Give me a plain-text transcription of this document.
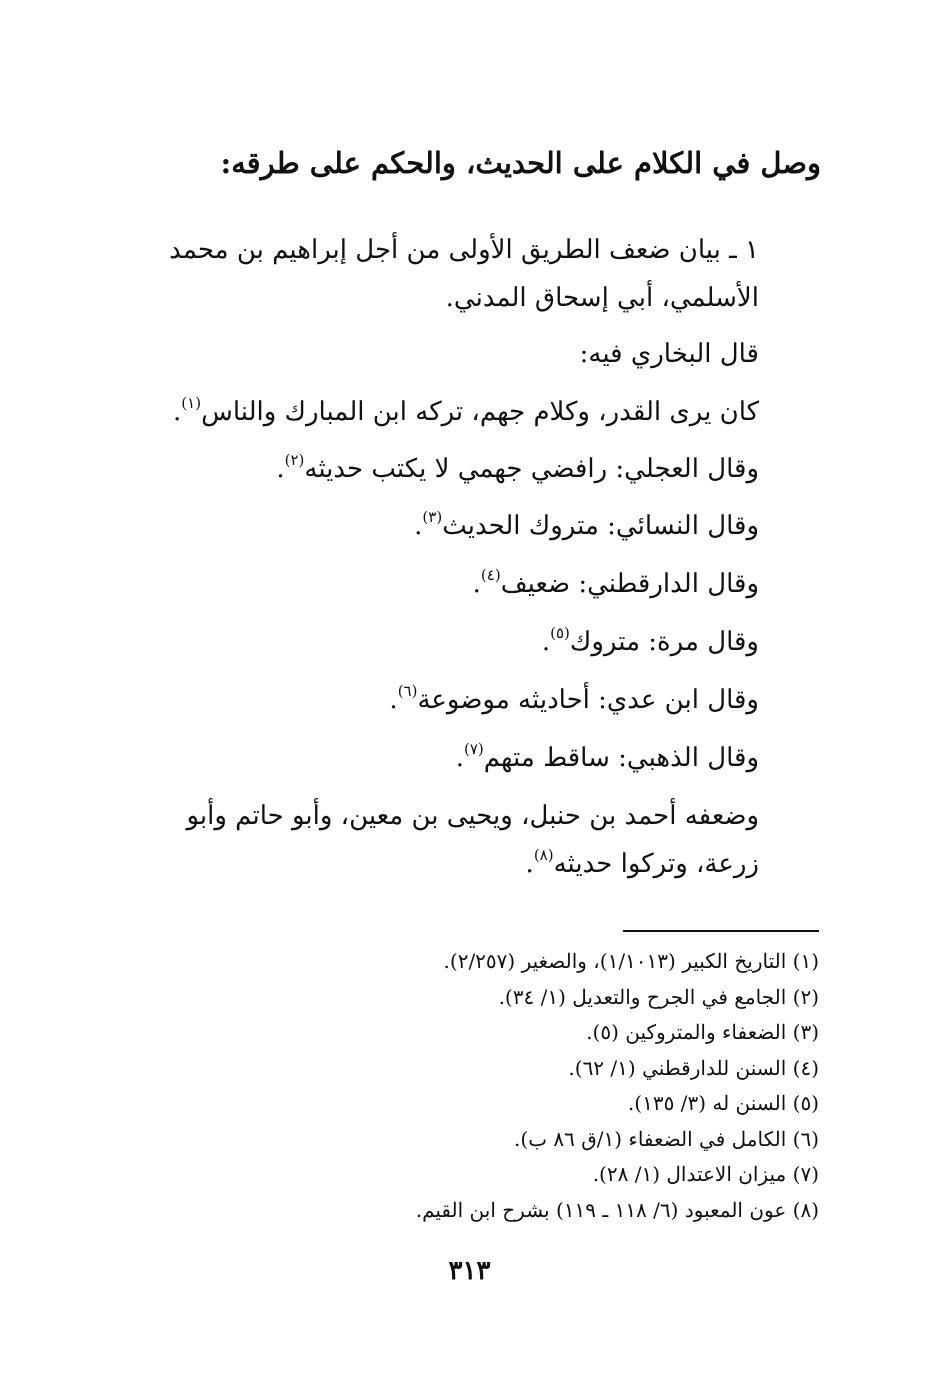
وصل في الكلام على الحديث، والحكم على طرقه:

١ ـ بيان ضعف الطريق الأولى من أجل إبراهيم بن محمد الأسلمي، أبي إسحاق المدني.

قال البخاري فيه:
كان يرى القدر، وكلام جهم، تركه ابن المبارك والناس$^{(١)}$.
وقال العجلي: رافضي جهمي لا يكتب حديثه$^{(٢)}$.
وقال النسائي: متروك الحديث$^{(٣)}$.
وقال الدارقطني: ضعيف$^{(٤)}$.
وقال مرة: متروك$^{(٥)}$.
وقال ابن عدي: أحاديثه موضوعة$^{(٦)}$.
وقال الذهبي: ساقط متهم$^{(٧)}$.

وضعفه أحمد بن حنبل، ويحيى بن معين، وأبو حاتم وأبو زرعة، وتركوا حديثه$^{(٨)}$.

(١) التاريخ الكبير (١/١٠١٣)، والصغير (٢/٢٥٧).
(٢) الجامع في الجرح والتعديل (١/ ٣٤).
(٣) الضعفاء والمتروكين (٥).
(٤) السنن للدارقطني (١/ ٦٢).
(٥) السنن له (٣/ ١٣٥).
(٦) الكامل في الضعفاء (١/ق ٨٦ ب).
(٧) ميزان الاعتدال (١/ ٢٨).
(٨) عون المعبود (٦/ ١١٨ ـ ١١٩) بشرح ابن القيم.
٣١٣
